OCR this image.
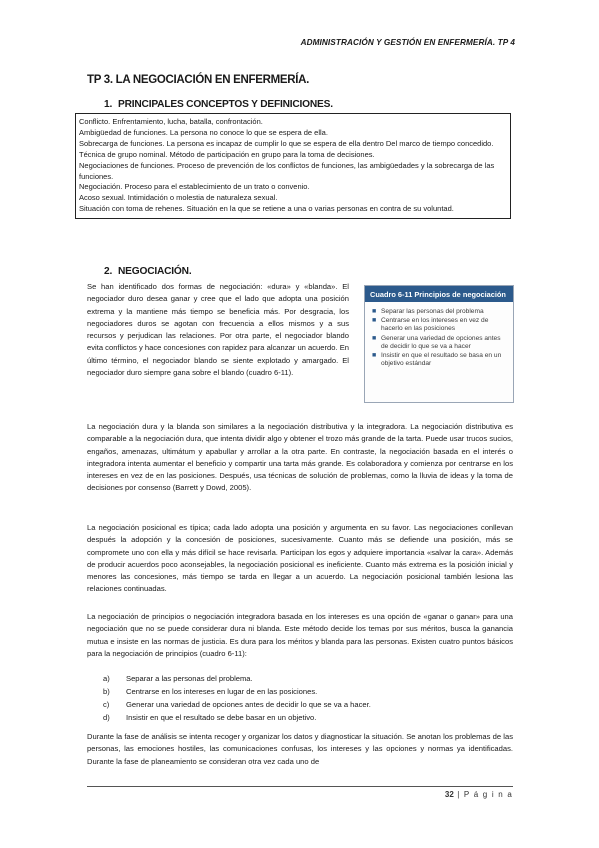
ADMINISTRACIÓN Y GESTIÓN EN ENFERMERÍA. TP 4
TP 3. LA NEGOCIACIÓN EN ENFERMERÍA.
1. PRINCIPALES CONCEPTOS Y DEFINICIONES.

Conflicto. Enfrentamiento, lucha, batalla, confrontación.

Ambigüedad de funciones. La persona no conoce lo que se espera de ella.

Sobrecarga de funciones. La persona es incapaz de cumplir lo que se espera de ella dentro Del marco de tiempo concedido.

Técnica de grupo nominal. Método de participación en grupo para la toma de decisiones.

Negociaciones de funciones. Proceso de prevención de los conflictos de funciones, las ambigüedades y la sobrecarga de las funciones.

Negociación. Proceso para el establecimiento de un trato o convenio.

Acoso sexual. Intimidación o molestia de naturaleza sexual.

Situación con toma de rehenes. Situación en la que se retiene a una o varias personas en contra de su voluntad.

2. NEGOCIACIÓN.

Se han identificado dos formas de negociación: «dura» y «blanda». El negociador duro desea ganar y cree que el lado que adopta una posición extrema y la mantiene más tiempo se beneficia más. Por desgracia, los negociadores duros se agotan con frecuencia a ellos mismos y a sus recursos y perjudican las relaciones. Por otra parte, el negociador blando evita conflictos y hace concesiones con rapidez para alcanzar un acuerdo. En último término, el negociador blando se siente explotado y amargado. El negociador duro siempre gana sobre el blando (cuadro 6-11).

Cuadro 6-11 Principios de negociación
■ Separar las personas del problema
■ Centrarse en los intereses en vez de hacerlo en las posiciones
■ Generar una variedad de opciones antes de decidir lo que se va a hacer
■ Insistir en que el resultado se basa en un objetivo estándar

La negociación dura y la blanda son similares a la negociación distributiva y la integradora. La negociación distributiva es comparable a la negociación dura, que intenta dividir algo y obtener el trozo más grande de la tarta. Puede usar trucos sucios, engaños, amenazas, ultimátum y apabullar y arrollar a la otra parte. En contraste, la negociación basada en el interés o integradora intenta aumentar el beneficio y compartir una tarta más grande. Es colaboradora y comienza por centrarse en los intereses en vez de en las posiciones. Después, usa técnicas de solución de problemas, como la lluvia de ideas y la toma de decisiones por consenso (Barrett y Dowd, 2005).

La negociación posicional es típica; cada lado adopta una posición y argumenta en su favor. Las negociaciones conllevan después la adopción y la concesión de posiciones, sucesivamente. Cuanto más se defiende una posición, más se compromete uno con ella y más difícil se hace revisarla. Participan los egos y adquiere importancia «salvar la cara». Además de producir acuerdos poco aconsejables, la negociación posicional es ineficiente. Cuanto más extrema es la posición inicial y menores las concesiones, más tiempo se tarda en llegar a un acuerdo. La negociación posicional también lesiona las relaciones continuadas.

La negociación de principios o negociación integradora basada en los intereses es una opción de «ganar o ganar» para una negociación que no se puede considerar dura ni blanda. Este método decide los temas por sus méritos, busca la ganancia mutua e insiste en las normas de justicia. Es dura para los méritos y blanda para las personas. Existen cuatro puntos básicos para la negociación de principios (cuadro 6-11):

a)	Separar a las personas del problema.
b)	Centrarse en los intereses en lugar de en las posiciones.
c)	Generar una variedad de opciones antes de decidir lo que se va a hacer.
d)	Insistir en que el resultado se debe basar en un objetivo.

Durante la fase de análisis se intenta recoger y organizar los datos y diagnosticar la situación. Se anotan los problemas de las personas, las emociones hostiles, las comunicaciones confusas, los intereses y las opciones y normas ya identificadas. Durante la fase de planeamiento se consideran otra vez cada uno de

32 | P á g i n a
